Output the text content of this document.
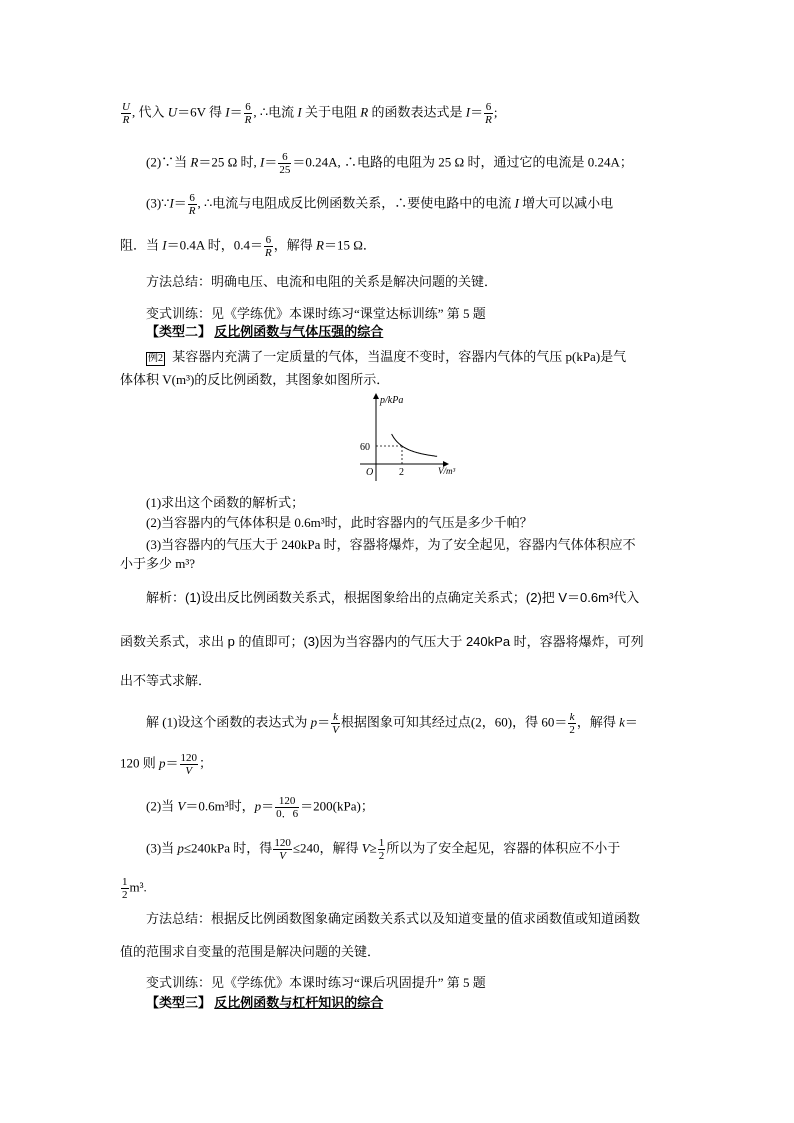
$\frac{U}{R}$ , 代入 U＝6V 得 $I= \frac{6}{R}$ , ∴电流 I 关于电阻 R 的函数表达式是 $I= \frac{6}{R}$ ;
(2)∵当 R＝25 Ω 时, $I= \frac{6}{25} =0.24A$, ∴电路的电阻为 25 Ω 时，通过它的电流是 0.24A；
(3)∵I＝ $\frac{6}{R}$ , ∴电流与电阻成反比例函数关系，∴要使电路中的电流 I 增大可以减小电
阻．当 I＝0.4A 时，$0.4= \frac{6}{R}$ ，解得 R＝15 Ω．
方法总结：明确电压、电流和电阻的关系是解决问题的关键．
变式训练：见《学练优》本课时练习“课堂达标训练” 第 5 题
【类型二】 反比例函数与气体压强的综合
例2 某容器内充满了一定质量的气体，当温度不变时，容器内气体的气压 p(kPa)是气
体体积 V(m³)的反比例函数，其图象如图所示．
p/kPa
V/m³
O
60
2
(1)求出这个函数的解析式；
(2)当容器内的气体体积是 0.6m³时，此时容器内的气压是多少千帕？
(3)当容器内的气压大于 240kPa 时，容器将爆炸，为了安全起见，容器内气体体积应不
小于多少 m³?
解析：(1)设出反比例函数关系式，根据图象给出的点确定关系式；(2)把 V＝0.6m³代入
函数关系式，求出 p 的值即可；(3)因为当容器内的气压大于 240kPa 时，容器将爆炸，可列
出不等式求解．
解 (1)设这个函数的表达式为 $p= \frac{k}{V}$ 根据图象可知其经过点(2，60)，得 $60= \frac{k}{2}$ ，解得 k＝
120 则 $p= \frac{120}{V}$ ；
(2)当 V＝0.6m³时，$p= \frac{120}{0.6} =200(kPa)$；
(3)当 p≤240kPa 时，得 $\frac{120}{V} \le 240$，解得 $V\ge \frac{1}{2}$ 所以为了安全起见，容器的体积应不小于
$\frac{1}{2} m^3$.
方法总结：根据反比例函数图象确定函数关系式以及知道变量的值求函数值或知道函数
值的范围求自变量的范围是解决问题的关键．
变式训练：见《学练优》本课时练习“课后巩固提升” 第 5 题
【类型三】 反比例函数与杠杆知识的综合
